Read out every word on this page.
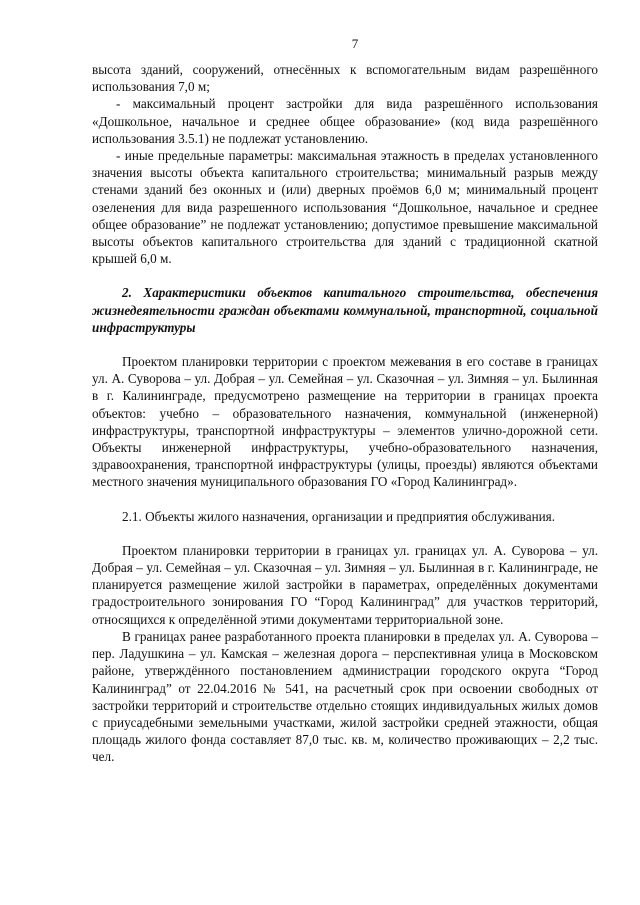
7

высота зданий, сооружений, отнесённых к вспомогательным видам разрешённого использования 7,0 м;

- максимальный процент застройки для вида разрешённого использования «Дошкольное, начальное и среднее общее образование» (код вида разрешённого использования 3.5.1) не подлежат установлению.

- иные предельные параметры: максимальная этажность в пределах установленного значения высоты объекта капитального строительства; минимальный разрыв между стенами зданий без оконных и (или) дверных проёмов 6,0 м; минимальный процент озеленения для вида разрешенного использования “Дошкольное, начальное и среднее общее образование” не подлежат установлению; допустимое превышение максимальной высоты объектов капитального строительства для зданий с традиционной скатной крышей 6,0 м.

2. Характеристики объектов капитального строительства, обеспечения жизнедеятельности граждан объектами коммунальной, транспортной, социальной инфраструктуры

Проектом планировки территории с проектом межевания в его составе в границах ул. А. Суворова – ул. Добрая – ул. Семейная – ул. Сказочная – ул. Зимняя – ул. Былинная в г. Калининграде, предусмотрено размещение на территории в границах проекта объектов: учебно – образовательного назначения, коммунальной (инженерной) инфраструктуры, транспортной инфраструктуры – элементов улично-дорожной сети. Объекты инженерной инфраструктуры, учебно-образовательного назначения, здравоохранения, транспортной инфраструктуры (улицы, проезды) являются объектами местного значения муниципального образования ГО «Город Калининград».

2.1. Объекты жилого назначения, организации и предприятия обслуживания.

Проектом планировки территории в границах ул. границах ул. А. Суворова – ул. Добрая – ул. Семейная – ул. Сказочная – ул. Зимняя – ул. Былинная в г. Калининграде, не планируется размещение жилой застройки в параметрах, определённых документами градостроительного зонирования ГО “Город Калининград” для участков территорий, относящихся к определённой этими документами территориальной зоне.

В границах ранее разработанного проекта планировки в пределах ул. А. Суворова – пер. Ладушкина – ул. Камская – железная дорога – перспективная улица в Московском районе, утверждённого постановлением администрации городского округа “Город Калининград” от 22.04.2016 № 541, на расчетный срок при освоении свободных от застройки территорий и строительстве отдельно стоящих индивидуальных жилых домов с приусадебными земельными участками, жилой застройки средней этажности, общая площадь жилого фонда составляет 87,0 тыс. кв. м, количество проживающих – 2,2 тыс. чел.
